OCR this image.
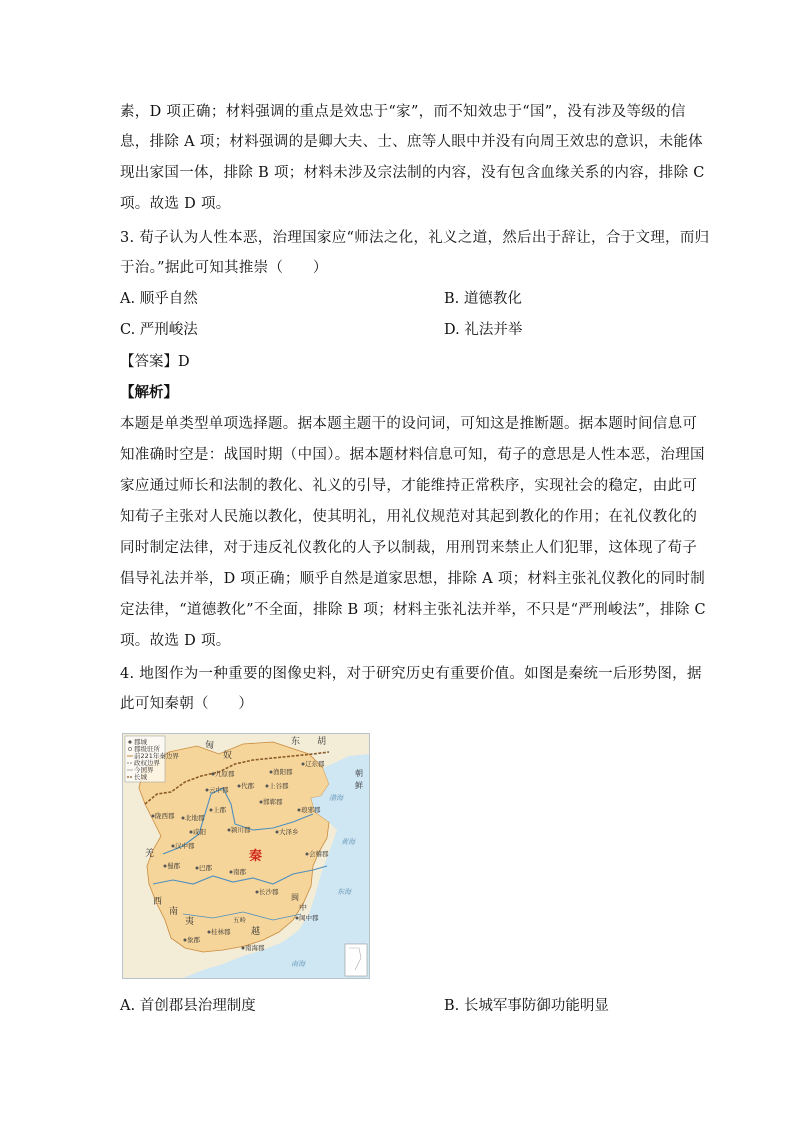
素，D 项正确；材料强调的重点是效忠于“家”，而不知效忠于“国”，没有涉及等级的信
息，排除 A 项；材料强调的是卿大夫、士、庶等人眼中并没有向周王效忠的意识，未能体
现出家国一体，排除 B 项；材料未涉及宗法制的内容，没有包含血缘关系的内容，排除 C
项。故选 D 项。
3. 荀子认为人性本恶，治理国家应“师法之化，礼义之道，然后出于辞让，合于文理，而归
于治。”据此可知其推崇（　　）
A. 顺乎自然	B. 道德教化
C. 严刑峻法	D. 礼法并举
【答案】D
【解析】
本题是单类型单项选择题。据本题主题干的设问词，可知这是推断题。据本题时间信息可
知准确时空是：战国时期（中国）。据本题材料信息可知，荀子的意思是人性本恶，治理国
家应通过师长和法制的教化、礼义的引导，才能维持正常秩序，实现社会的稳定，由此可
知荀子主张对人民施以教化，使其明礼，用礼仪规范对其起到教化的作用；在礼仪教化的
同时制定法律，对于违反礼仪教化的人予以制裁，用刑罚来禁止人们犯罪，这体现了荀子
倡导礼法并举，D 项正确；顺乎自然是道家思想，排除 A 项；材料主张礼仪教化的同时制
定法律，“道德教化”不全面，排除 B 项；材料主张礼法并举，不只是“严刑峻法”，排除 C
项。故选 D 项。
4. 地图作为一种重要的图像史料，对于研究历史有重要价值。如图是秦统一后形势图，据
此可知秦朝（　　）
郡城
郡级驻所
前221年秦边界
政权边界
今国界
长城
匈
奴
东 胡
朝
鲜
羌
西
南
夷
越
闽
中
九原郡
云中郡 代郡
渔阳郡
辽东郡
陇西郡 北地郡
上郡
咸阳
汉中郡
巴郡
蜀郡
南郡
长沙郡
会稽郡
闽中郡
南海郡
桂林郡
象郡
五岭
琅邪郡
颍川郡	大泽乡
邯郸郡
上谷郡
渤海
黄海
东海
南海
秦
A. 首创郡县治理制度	B. 长城军事防御功能明显
